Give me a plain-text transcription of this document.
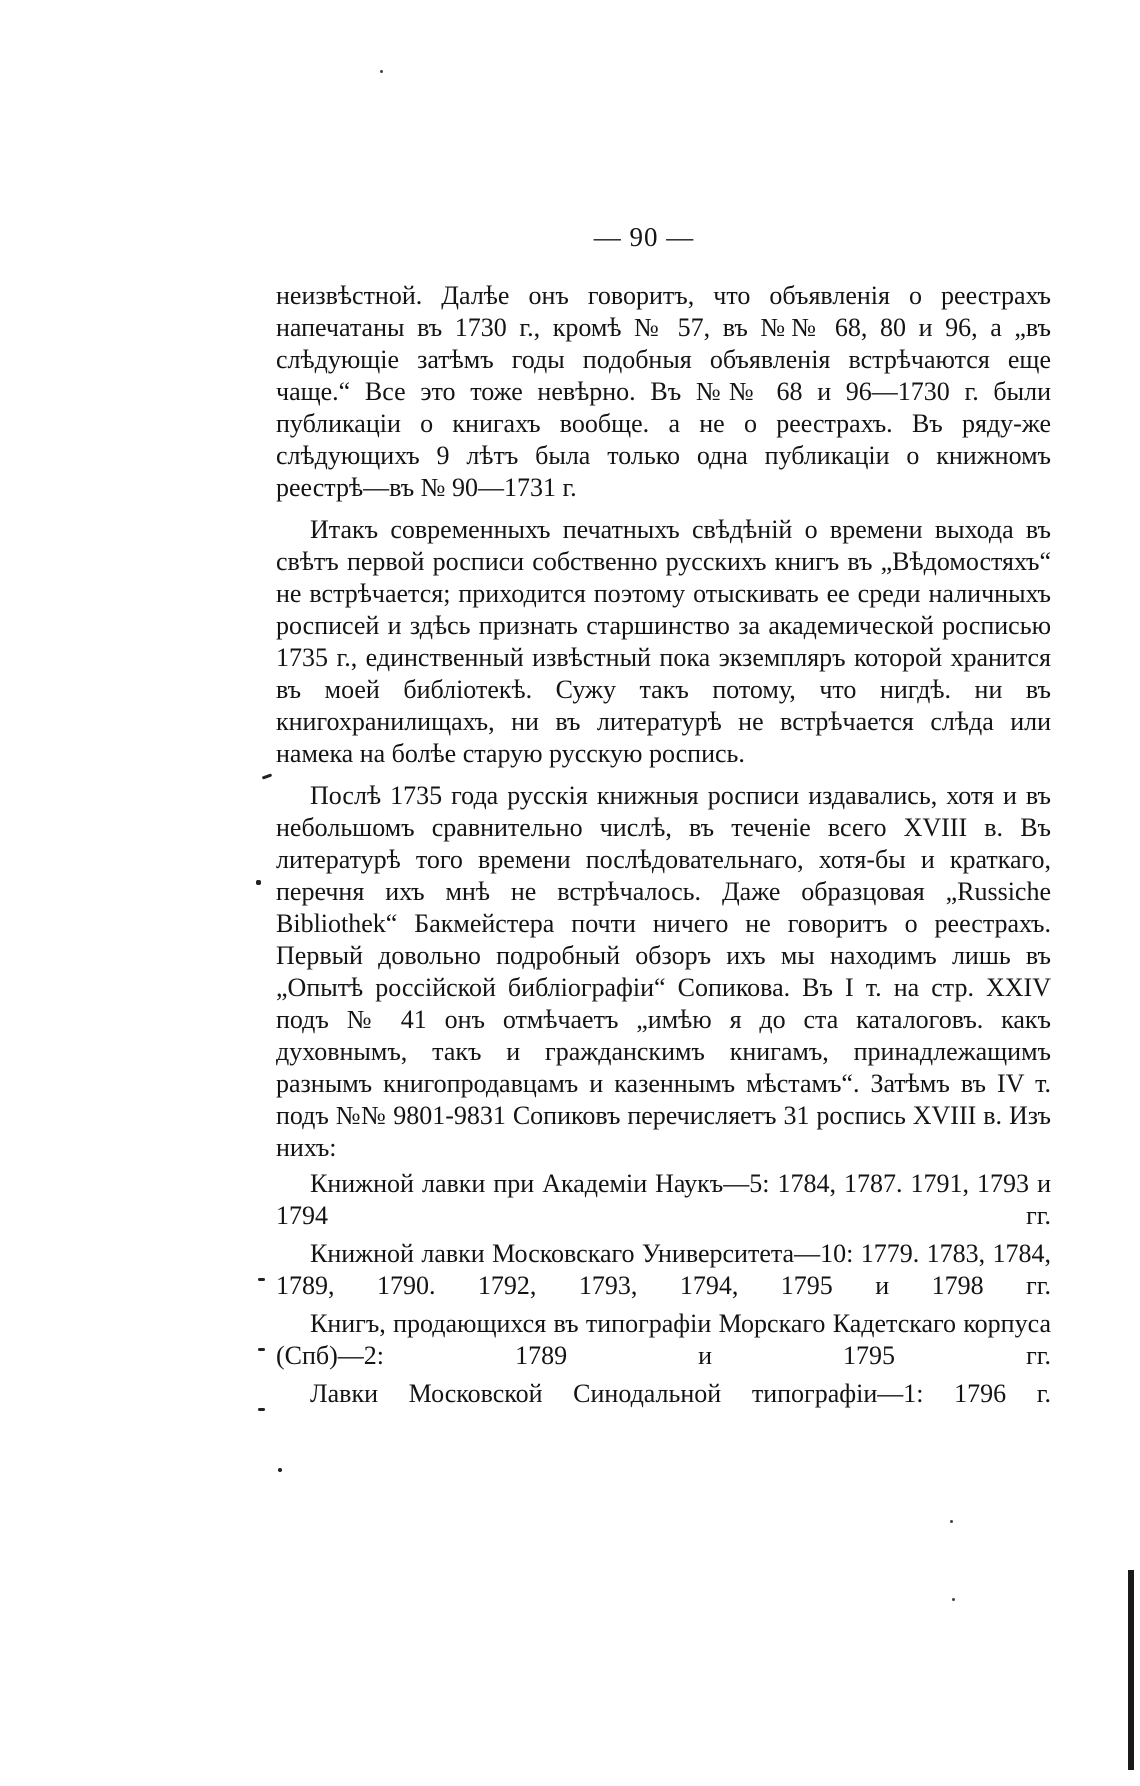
— 90 —

неизвѣстной. Далѣе онъ говоритъ, что объявленія о реестрахъ напечатаны въ 1730 г., кромѣ № 57, въ №№ 68, 80 и 96, а „въ слѣдующіе затѣмъ годы подобныя объявленія встрѣчаются еще чаще.“ Все это тоже невѣрно. Въ №№ 68 и 96—1730 г. были публикаціи о книгахъ вообще. а не о реестрахъ. Въ ряду-же слѣдующихъ 9 лѣтъ была только одна публикаціи о книжномъ реестрѣ—въ № 90—1731 г.

Итакъ современныхъ печатныхъ свѣдѣній о времени выхода въ свѣтъ первой росписи собственно русскихъ книгъ въ „Вѣдомостяхъ“ не встрѣчается; приходится поэтому отыскивать ее среди наличныхъ росписей и здѣсь признать старшинство за академической росписью 1735 г., единственный извѣстный пока экземпляръ которой хранится въ моей библіотекѣ. Сужу такъ потому, что нигдѣ. ни въ книгохранилищахъ, ни въ литературѣ не встрѣчается слѣда или намека на болѣе старую русскую роспись.

Послѣ 1735 года русскія книжныя росписи издавались, хотя и въ небольшомъ сравнительно числѣ, въ теченіе всего XVIII в. Въ литературѣ того времени послѣдовательнаго, хотя-бы и краткаго, перечня ихъ мнѣ не встрѣчалось. Даже образцовая „Russiche Bibliothek“ Бакмейстера почти ничего не говоритъ о реестрахъ. Первый довольно подробный обзоръ ихъ мы находимъ лишь въ „Опытѣ россійской библіографіи“ Сопикова. Въ I т. на стр. XXIV подъ № 41 онъ отмѣчаетъ „имѣю я до ста каталоговъ. какъ духовнымъ, такъ и гражданскимъ книгамъ, принадлежащимъ разнымъ книгопродавцамъ и казеннымъ мѣстамъ“. Затѣмъ въ IV т. подъ №№ 9801-9831 Сопиковъ перечисляетъ 31 роспись XVIII в. Изъ нихъ:

Книжной лавки при Академіи Наукъ—5: 1784, 1787. 1791, 1793 и 1794 гг.

Книжной лавки Московскаго Университета—10: 1779. 1783, 1784, 1789, 1790. 1792, 1793, 1794, 1795 и 1798 гг.

Книгъ, продающихся въ типографіи Морскаго Кадетскаго корпуса (Спб)—2: 1789 и 1795 гг.

Лавки Московской Синодальной типографіи—1: 1796 г.
